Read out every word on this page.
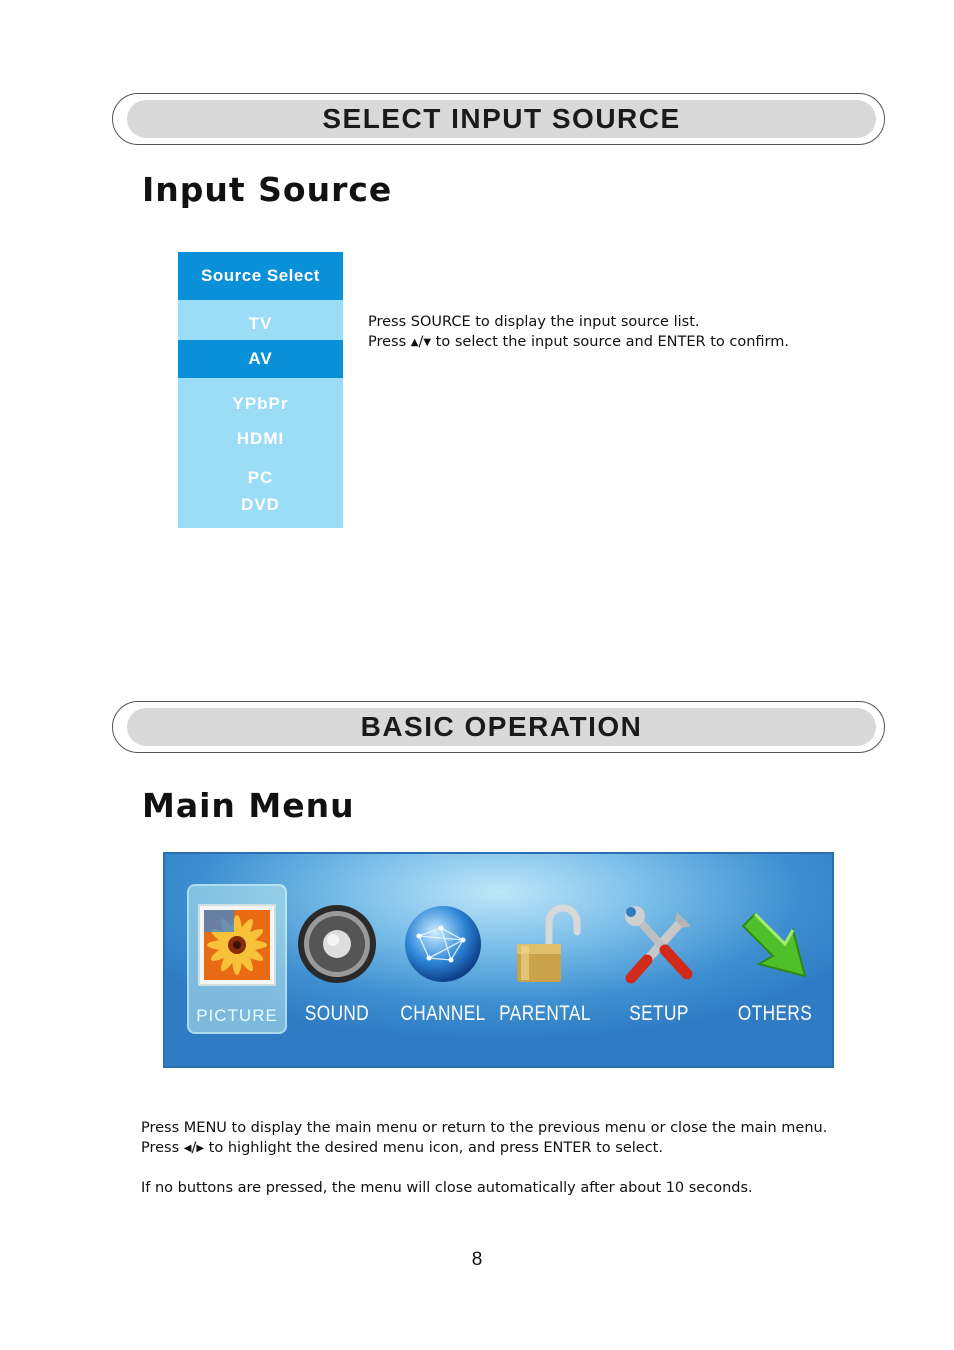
SELECT INPUT SOURCE
Input Source
Source Select
TV
AV
YPbPr
HDMI
PC
DVD
Press SOURCE to display the input source list.
Press ▲/▼ to select the input source and ENTER to confirm.
BASIC OPERATION
Main Menu
PICTURE	SOUND	CHANNEL PARENTAL	SETUP	OTHERS
Press MENU to display the main menu or return to the previous menu or close the main menu.
Press ◀/▶ to highlight the desired menu icon, and press ENTER to select.
If no buttons are pressed, the menu will close automatically after about 10 seconds.
8
